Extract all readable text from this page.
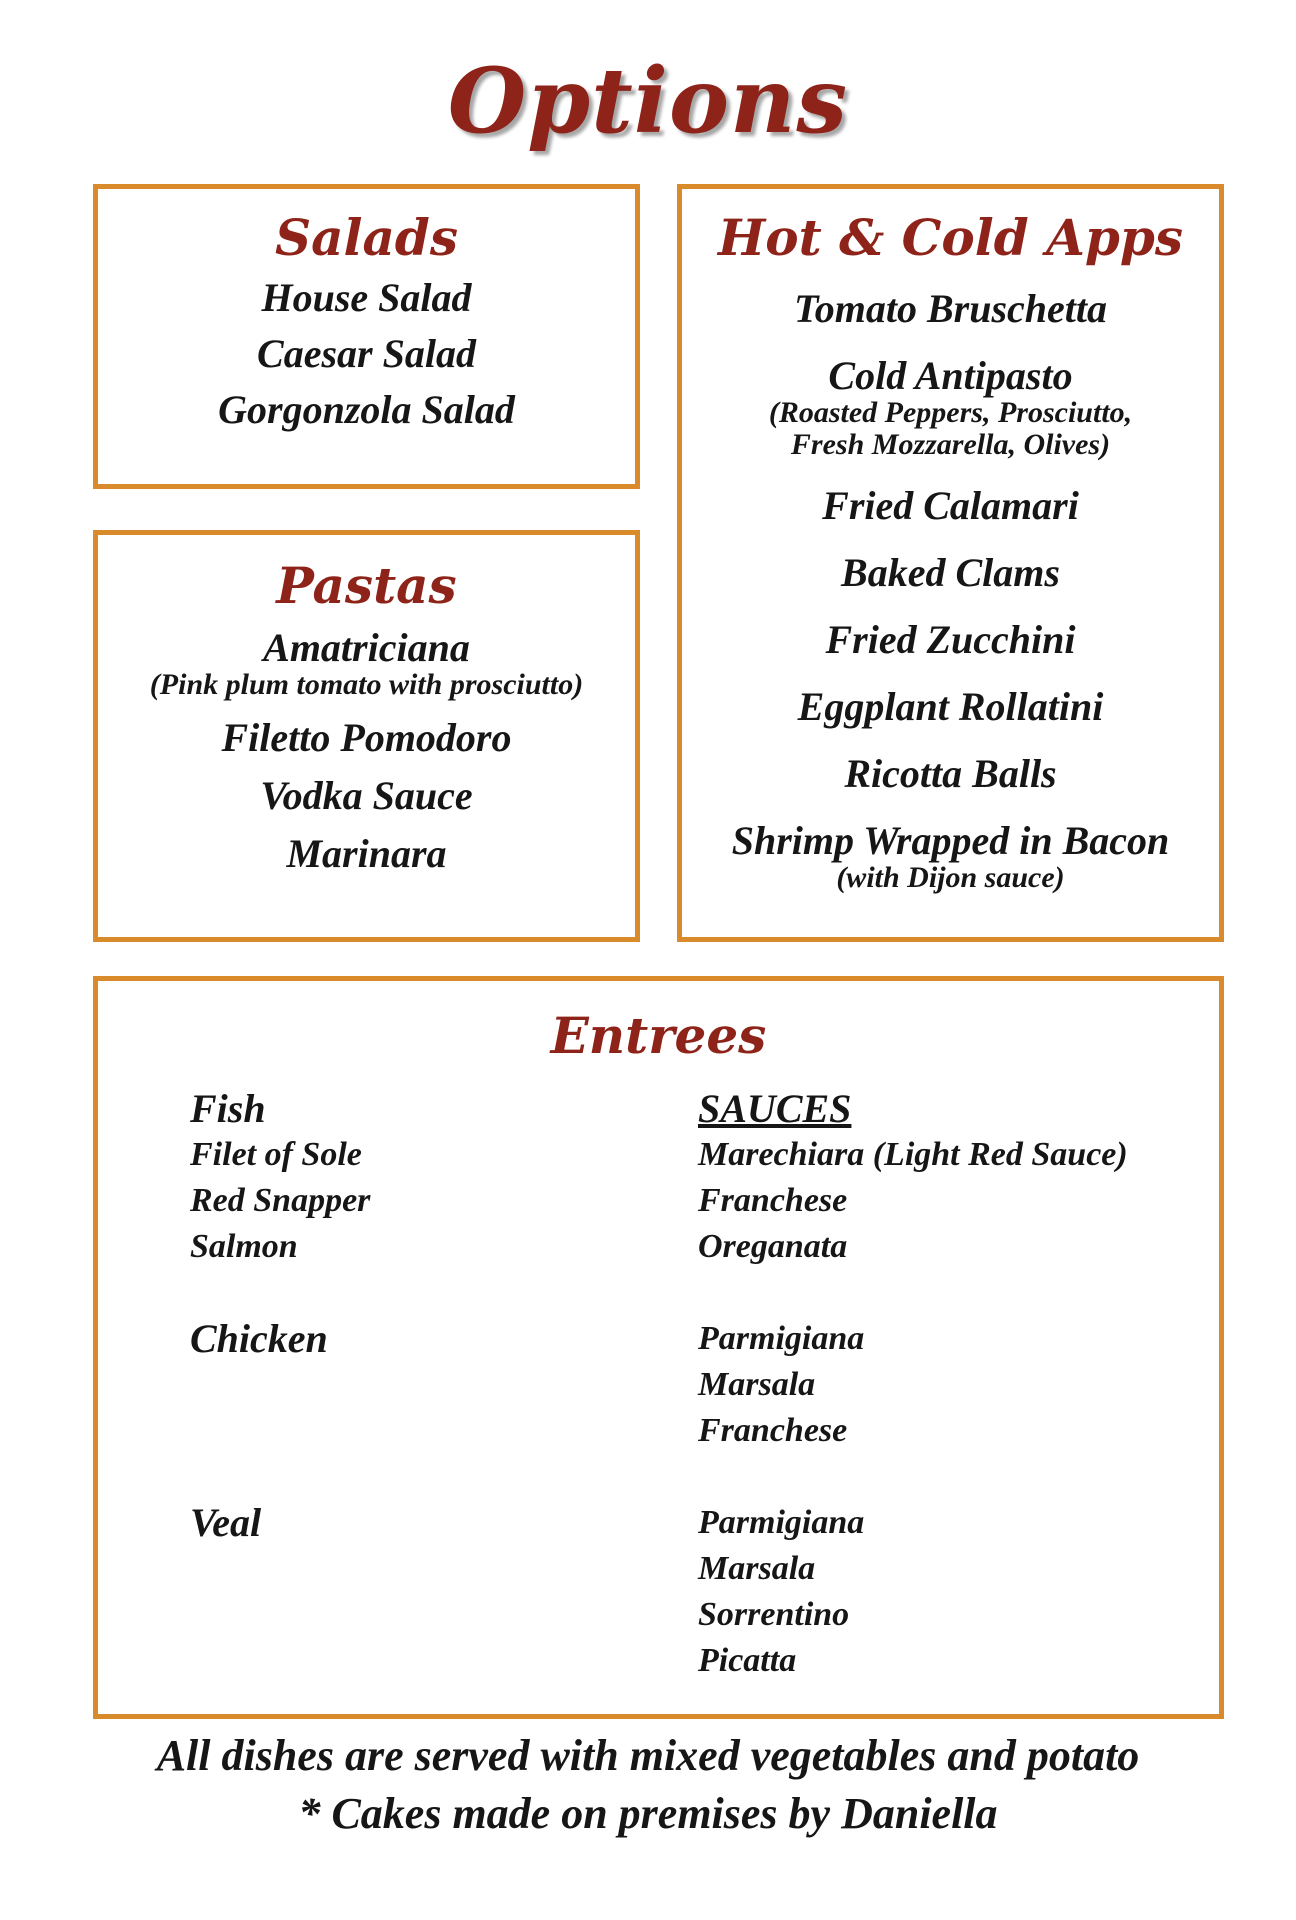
Options
Salads
House Salad
Caesar Salad
Gorgonzola Salad
Pastas
Amatriciana
(Pink plum tomato with prosciutto)
Filetto Pomodoro
Vodka Sauce
Marinara
Hot & Cold Apps
Tomato Bruschetta
Cold Antipasto
(Roasted Peppers, Prosciutto,
Fresh Mozzarella, Olives)
Fried Calamari
Baked Clams
Fried Zucchini
Eggplant Rollatini
Ricotta Balls
Shrimp Wrapped in Bacon
(with Dijon sauce)
Entrees
Fish
Filet of Sole
Red Snapper
Salmon
Chicken
Veal
SAUCES
Marechiara (Light Red Sauce)
Franchese
Oreganata
Parmigiana
Marsala
Franchese
Parmigiana
Marsala
Sorrentino
Picatta
All dishes are served with mixed vegetables and potato
* Cakes made on premises by Daniella
